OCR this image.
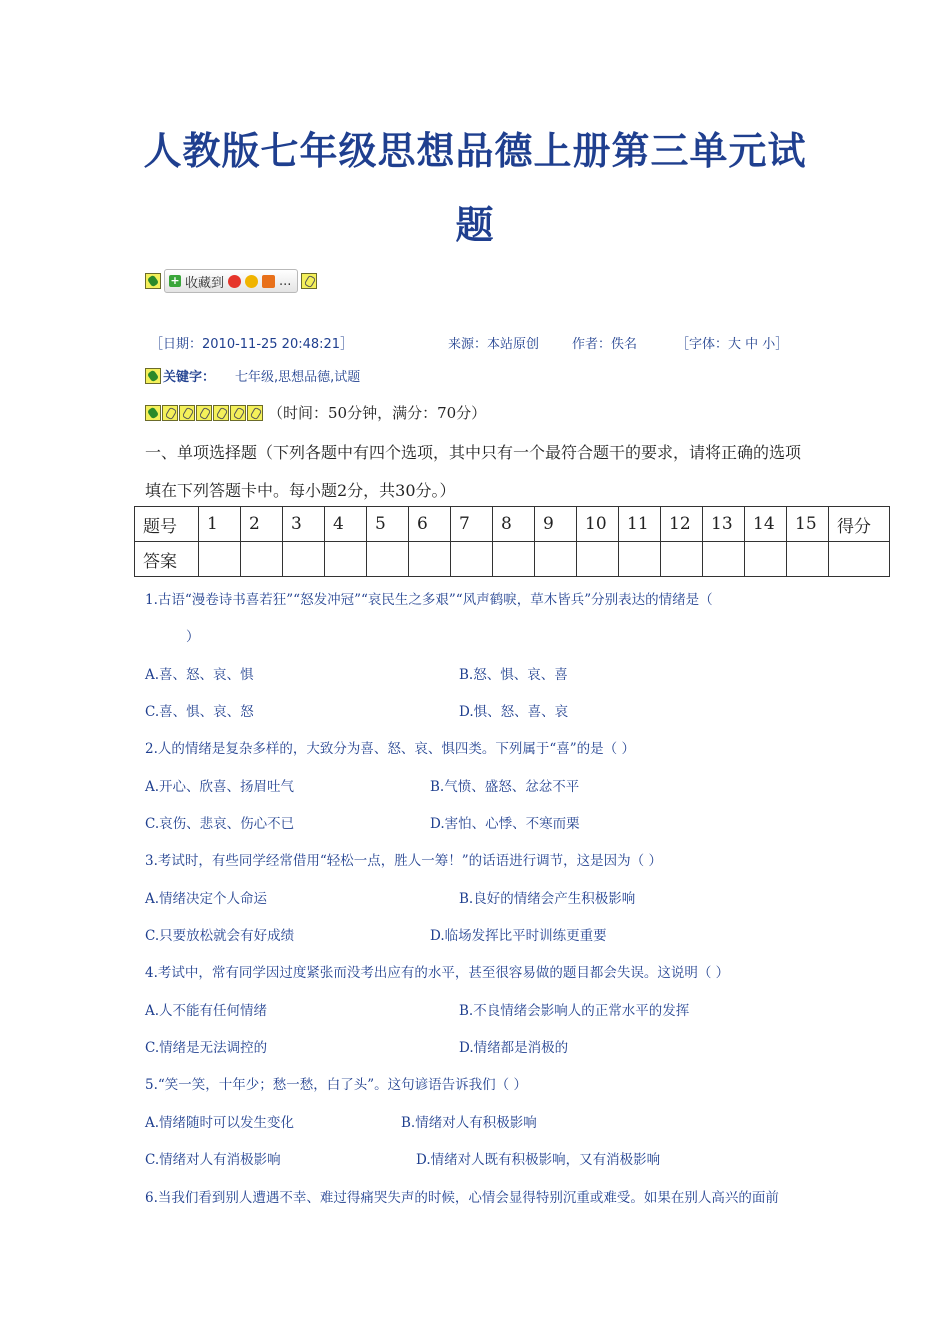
人教版七年级思想品德上册第三单元试
题
+ 收藏到	...
［日期：2010-11-25 20:48:21］	来源：本站原创	作者：佚名	［字体：大 中 小］
关键字： 七年级,思想品德,试题
（时间：50分钟，满分：70分）
一、单项选择题（下列各题中有四个选项，其中只有一个最符合题干的要求，请将正确的选项
填在下列答题卡中。每小题2分，共30分。）
题号	1	2	3	4	5	6	7	8	9	10	11	12	13	14	15	得分
答案																
1.古语“漫卷诗书喜若狂”“怒发冲冠”“哀民生之多艰”“风声鹤唳，草木皆兵”分别表达的情绪是（
）
A.喜、怒、哀、惧	B.怒、惧、哀、喜
C.喜、惧、哀、怒	D.惧、怒、喜、哀
2.人的情绪是复杂多样的，大致分为喜、怒、哀、惧四类。下列属于“喜”的是（ ）
A.开心、欣喜、扬眉吐气	B.气愤、盛怒、忿忿不平
C.哀伤、悲哀、伤心不已	D.害怕、心悸、不寒而栗
3.考试时，有些同学经常借用“轻松一点，胜人一筹！”的话语进行调节，这是因为（ ）
A.情绪决定个人命运	B.良好的情绪会产生积极影响
C.只要放松就会有好成绩	D.临场发挥比平时训练更重要
4.考试中，常有同学因过度紧张而没考出应有的水平，甚至很容易做的题目都会失误。这说明（ ）
A.人不能有任何情绪	B.不良情绪会影响人的正常水平的发挥
C.情绪是无法调控的	D.情绪都是消极的
5.“笑一笑，十年少；愁一愁，白了头”。这句谚语告诉我们（ ）
A.情绪随时可以发生变化	B.情绪对人有积极影响
C.情绪对人有消极影响	D.情绪对人既有积极影响，又有消极影响
6.当我们看到别人遭遇不幸、难过得痛哭失声的时候，心情会显得特别沉重或难受。如果在别人高兴的面前
